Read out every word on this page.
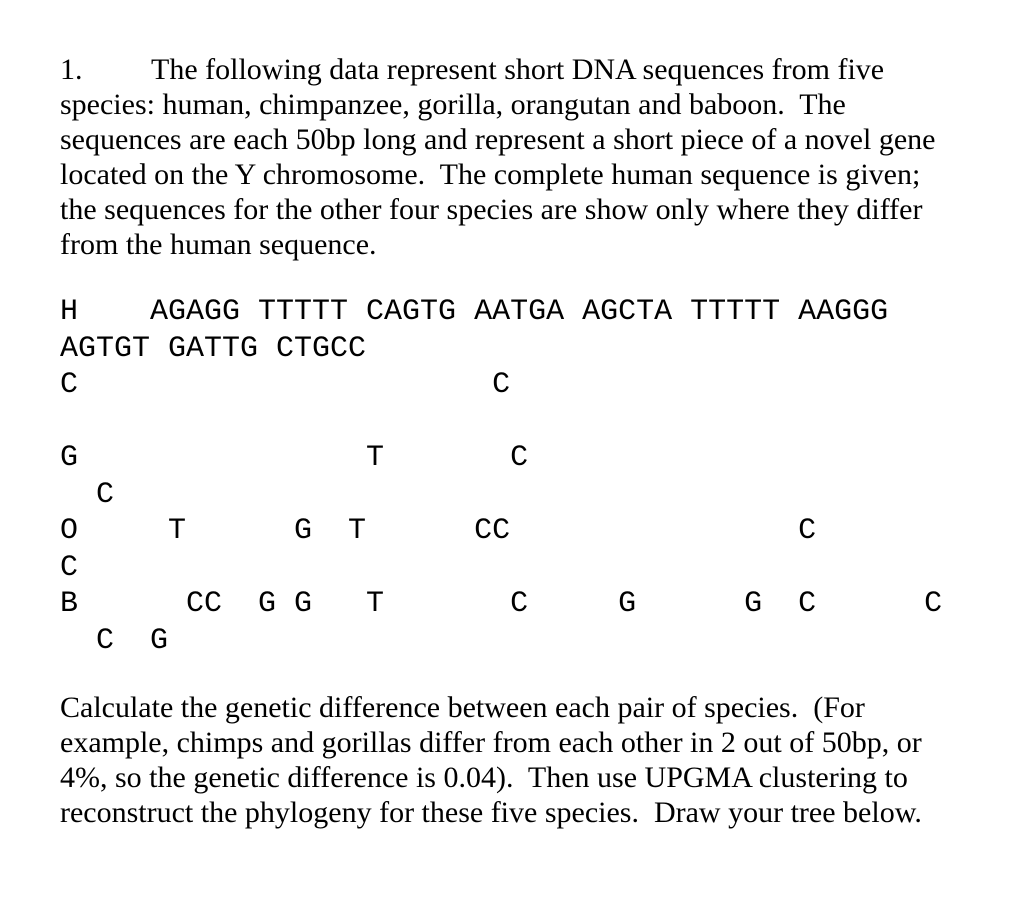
1. The following data represent short DNA sequences from five
species: human, chimpanzee, gorilla, orangutan and baboon.  The
sequences are each 50bp long and represent a short piece of a novel gene
located on the Y chromosome.  The complete human sequence is given;
the sequences for the other four species are show only where they differ
from the human sequence.
H    AGAGG TTTTT CAGTG AATGA AGCTA TTTTT AAGGG
AGTGT GATTG CTGCC
C                       C
G                T       C
C
O     T      G  T      CC                C
C
B      CC  G G   T       C     G      G  C      C
C  G
Calculate the genetic difference between each pair of species.  (For
example, chimps and gorillas differ from each other in 2 out of 50bp, or
4%, so the genetic difference is 0.04).  Then use UPGMA clustering to
reconstruct the phylogeny for these five species.  Draw your tree below.
